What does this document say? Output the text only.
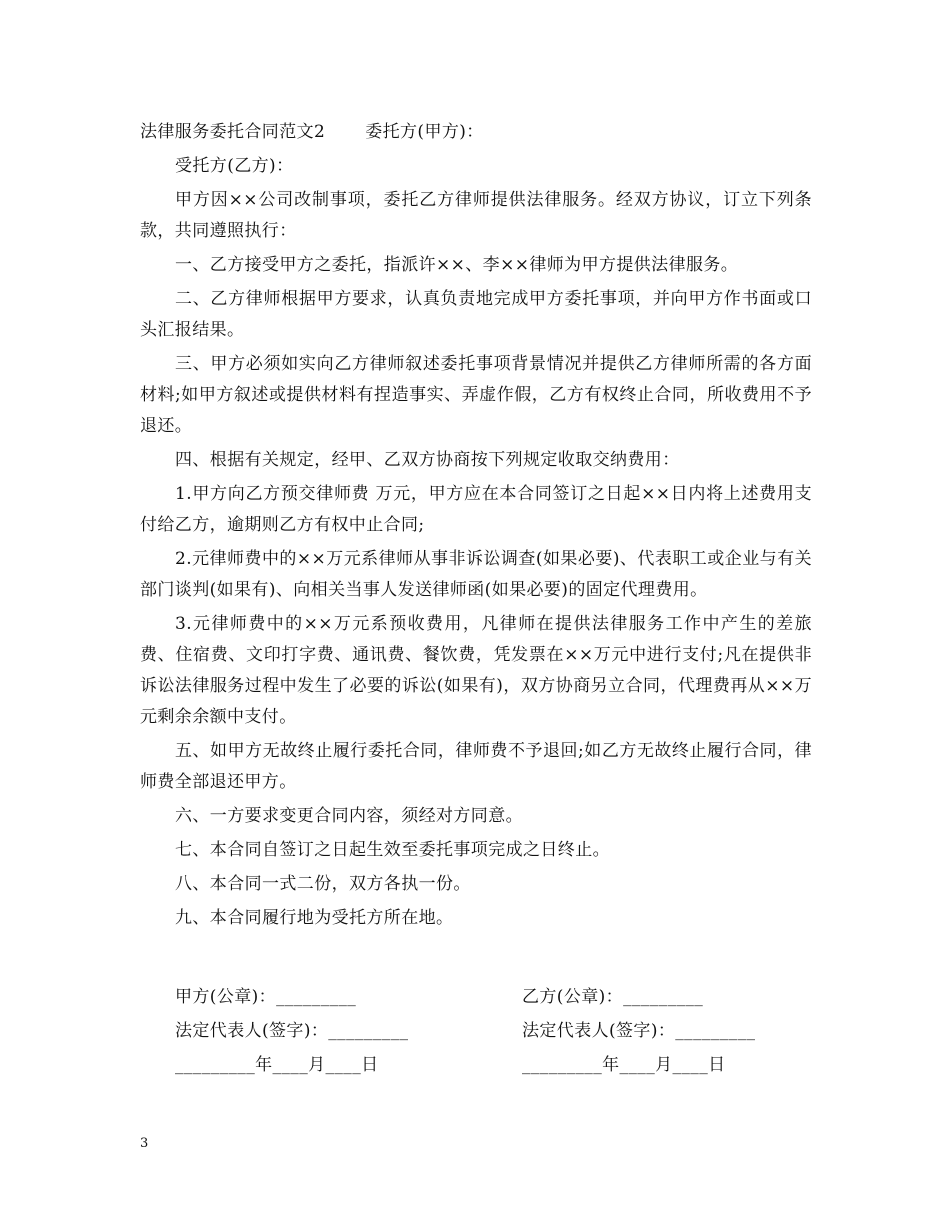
法律服务委托合同范文2 委托方(甲方)：

受托方(乙方)：

甲方因××公司改制事项，委托乙方律师提供法律服务。经双方协议，订立下列条款，共同遵照执行：

一、乙方接受甲方之委托，指派许××、李××律师为甲方提供法律服务。

二、乙方律师根据甲方要求，认真负责地完成甲方委托事项，并向甲方作书面或口头汇报结果。

三、甲方必须如实向乙方律师叙述委托事项背景情况并提供乙方律师所需的各方面材料;如甲方叙述或提供材料有捏造事实、弄虚作假，乙方有权终止合同，所收费用不予退还。

四、根据有关规定，经甲、乙双方协商按下列规定收取交纳费用：

1.甲方向乙方预交律师费 万元，甲方应在本合同签订之日起××日内将上述费用支付给乙方，逾期则乙方有权中止合同;

2.元律师费中的××万元系律师从事非诉讼调查(如果必要)、代表职工或企业与有关部门谈判(如果有)、向相关当事人发送律师函(如果必要)的固定代理费用。

3.元律师费中的××万元系预收费用，凡律师在提供法律服务工作中产生的差旅费、住宿费、文印打字费、通讯费、餐饮费，凭发票在××万元中进行支付;凡在提供非诉讼法律服务过程中发生了必要的诉讼(如果有)，双方协商另立合同，代理费再从××万元剩余余额中支付。

五、如甲方无故终止履行委托合同，律师费不予退回;如乙方无故终止履行合同，律师费全部退还甲方。

六、一方要求变更合同内容，须经对方同意。

七、本合同自签订之日起生效至委托事项完成之日终止。

八、本合同一式二份，双方各执一份。

九、本合同履行地为受托方所在地。

甲方(公章)：_________	乙方(公章)：_________
法定代表人(签字)：_________	法定代表人(签字)：_________
_________年____月____日	_________年____月____日
3
